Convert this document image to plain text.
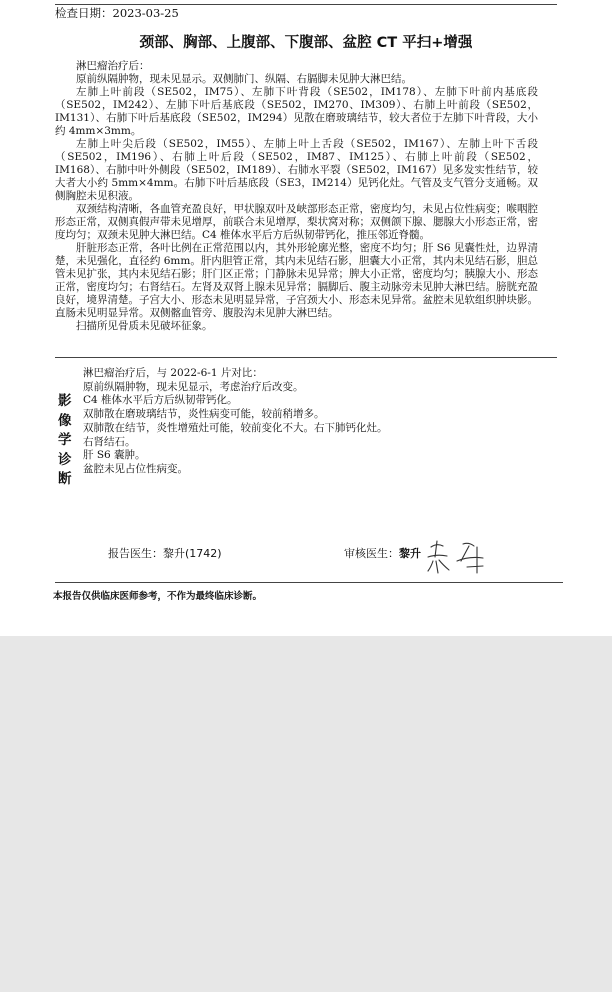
检查日期：2023-03-25
颈部、胸部、上腹部、下腹部、盆腔 CT 平扫+增强

淋巴瘤治疗后：

原前纵隔肿物，现未见显示。双侧肺门、纵隔、右膈脚未见肿大淋巴结。

左肺上叶前段（SE502，IM75）、左肺下叶背段（SE502，IM178）、左肺下叶前内基底段（SE502，IM242）、左肺下叶后基底段（SE502，IM270、IM309）、右肺上叶前段（SE502，IM131）、右肺下叶后基底段（SE502，IM294）见散在磨玻璃结节，较大者位于左肺下叶背段，大小约 4mm×3mm。

左肺上叶尖后段（SE502，IM55）、左肺上叶上舌段（SE502，IM167）、左肺上叶下舌段（SE502，IM196）、右肺上叶后段（SE502，IM87、IM125）、右肺上叶前段（SE502，IM168）、右肺中叶外侧段（SE502，IM189）、右肺水平裂（SE502，IM167）见多发实性结节，较大者大小约 5mm×4mm。右肺下叶后基底段（SE3，IM214）见钙化灶。气管及支气管分支通畅。双侧胸腔未见积液。

双颈结构清晰，各血管充盈良好，甲状腺双叶及峡部形态正常，密度均匀，未见占位性病变；喉咽腔形态正常，双侧真假声带未见增厚，前联合未见增厚，梨状窝对称；双侧颌下腺、腮腺大小形态正常，密度均匀；双颈未见肿大淋巴结。C4 椎体水平后方后纵韧带钙化，推压邻近脊髓。

肝脏形态正常，各叶比例在正常范围以内，其外形轮廓光整，密度不均匀；肝 S6 见囊性灶，边界清楚，未见强化，直径约 6mm。肝内胆管正常，其内未见结石影，胆囊大小正常，其内未见结石影，胆总管未见扩张，其内未见结石影；肝门区正常；门静脉未见异常；脾大小正常，密度均匀；胰腺大小、形态正常，密度均匀；右肾结石。左肾及双肾上腺未见异常；膈脚后、腹主动脉旁未见肿大淋巴结。膀胱充盈良好，境界清楚。子宫大小、形态未见明显异常，子宫颈大小、形态未见异常。盆腔未见软组织肿块影。直肠未见明显异常。双侧髂血管旁、腹股沟未见肿大淋巴结。

扫描所见骨质未见破坏征象。

影
像
学
诊
断
淋巴瘤治疗后，与 2022-6-1 片对比：
原前纵隔肿物，现未见显示，考虑治疗后改变。
C4 椎体水平后方后纵韧带钙化。
双肺散在磨玻璃结节，炎性病变可能，较前稍增多。
双肺散在结节，炎性增殖灶可能，较前变化不大。右下肺钙化灶。
右肾结石。
肝 S6 囊肿。
盆腔未见占位性病变。
报告医生：黎升(1742)	审核医生：黎升
本报告仅供临床医师参考，不作为最终临床诊断。
